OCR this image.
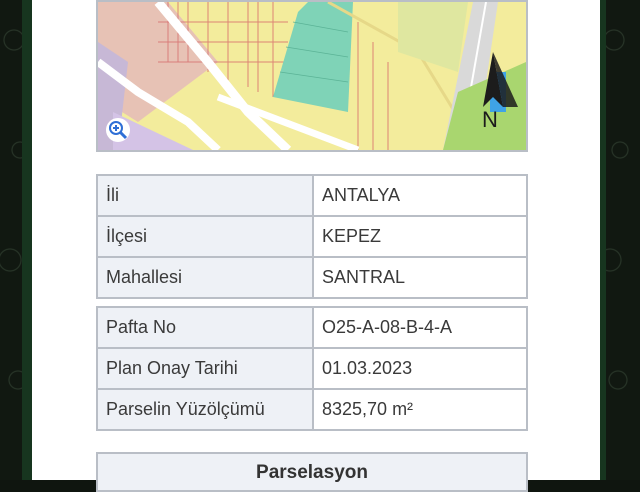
N
İli	ANTALYA
İlçesi	KEPEZ
Mahallesi	SANTRAL
Pafta No	O25-A-08-B-4-A
Plan Onay Tarihi	01.03.2023
Parselin Yüzölçümü	8325,70 m²
Parselasyon
